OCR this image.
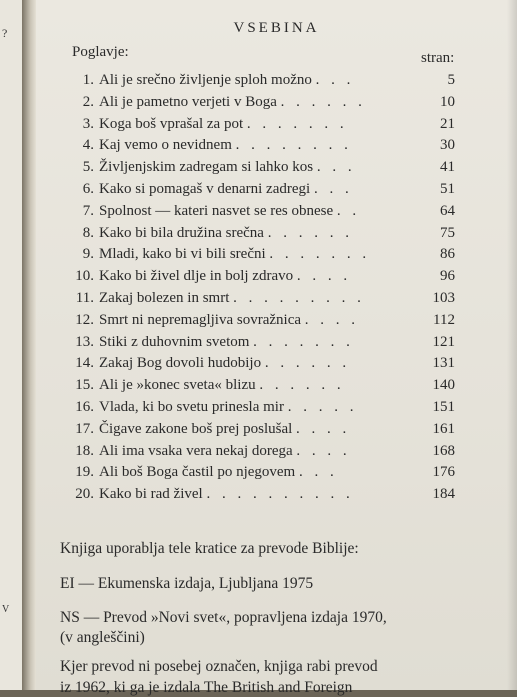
?
V
VSEBINA
Poglavje:	stran:
1. Ali je srečno življenje sploh možno . . .	5
2. Ali je pametno verjeti v Boga . . . . . .	10
3. Koga boš vprašal za pot . . . . . . .	21
4. Kaj vemo o nevidnem . . . . . . . .	30
5. Življenjskim zadregam si lahko kos . . .	41
6. Kako si pomagaš v denarni zadregi . . .	51
7. Spolnost — kateri nasvet se res obnese . .	64
8. Kako bi bila družina srečna . . . . . .	75
9. Mladi, kako bi vi bili srečni . . . . . . .	86
10. Kako bi živel dlje in bolj zdravo . . . .	96
11. Zakaj bolezen in smrt . . . . . . . . .	103
12. Smrt ni nepremagljiva sovražnica . . . .	112
13. Stiki z duhovnim svetom . . . . . . .	121
14. Zakaj Bog dovoli hudobijo . . . . . .	131
15. Ali je »konec sveta« blizu . . . . . .	140
16. Vlada, ki bo svetu prinesla mir . . . . .	151
17. Čigave zakone boš prej poslušal . . . .	161
18. Ali ima vsaka vera nekaj dorega . . . .	168
19. Ali boš Boga častil po njegovem . . .	176
20. Kako bi rad živel . . . . . . . . . .	184
Knjiga uporablja tele kratice za prevode Biblije:
EI — Ekumenska izdaja, Ljubljana 1975
NS — Prevod »Novi svet«, popravljena izdaja 1970,
(v angleščini)
Kjer prevod ni posebej označen, knjiga rabi prevod
iz 1962, ki ga je izdala The British and Foreign
